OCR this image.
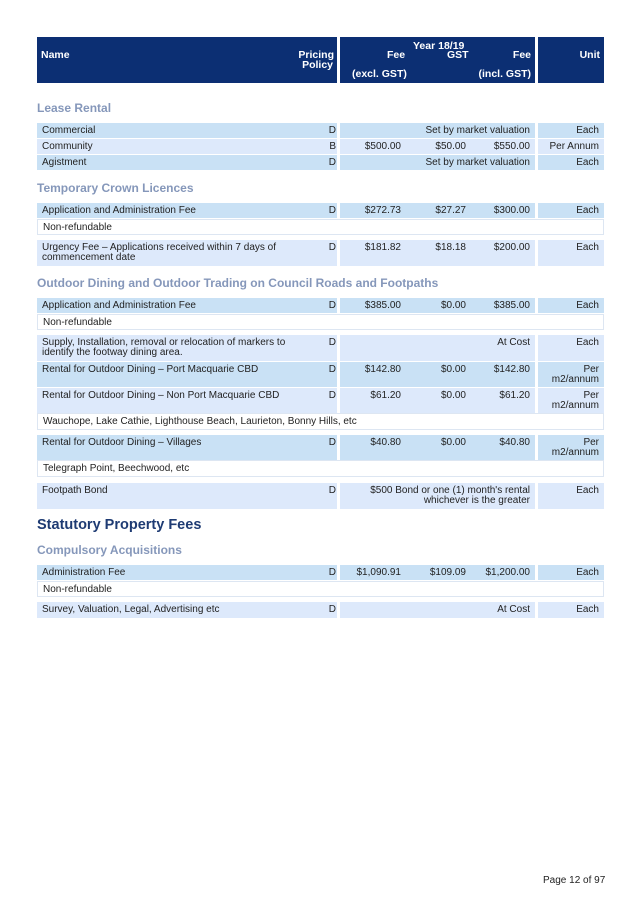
Name	Pricing
Policy
Year 18/19
Fee	GST	Fee
(excl. GST)	(incl. GST)
Unit
Lease Rental
Commercial	D	Set by market valuation	Each
Community	B	$500.00	$50.00	$550.00	Per Annum
Agistment	D	Set by market valuation	Each
Temporary Crown Licences
Application and Administration Fee	D	$272.73	$27.27	$300.00	Each
Non-refundable
Urgency Fee – Applications received within 7 days of
commencement date
D	$181.82	$18.18	$200.00	Each
Outdoor Dining and Outdoor Trading on Council Roads and Footpaths
Application and Administration Fee	D	$385.00	$0.00	$385.00	Each
Non-refundable
Supply, Installation, removal or relocation of markers to
identify the footway dining area.
D	At Cost	Each
Rental for Outdoor Dining – Port Macquarie CBD	D	$142.80	$0.00	$142.80	Per
m2/annum
Rental for Outdoor Dining – Non Port Macquarie CBD	D	$61.20	$0.00	$61.20	Per
m2/annum
Wauchope, Lake Cathie, Lighthouse Beach, Laurieton, Bonny Hills, etc
Rental for Outdoor Dining – Villages	D	$40.80	$0.00	$40.80	Per
m2/annum
Telegraph Point, Beechwood, etc
Footpath Bond	D	$500 Bond or one (1) month's rental
whichever is the greater
Each
Statutory Property Fees
Compulsory Acquisitions
Administration Fee	D $1,090.91	$109.09 $1,200.00	Each
Non-refundable
Survey, Valuation, Legal, Advertising etc	D	At Cost	Each
Page 12 of 97
